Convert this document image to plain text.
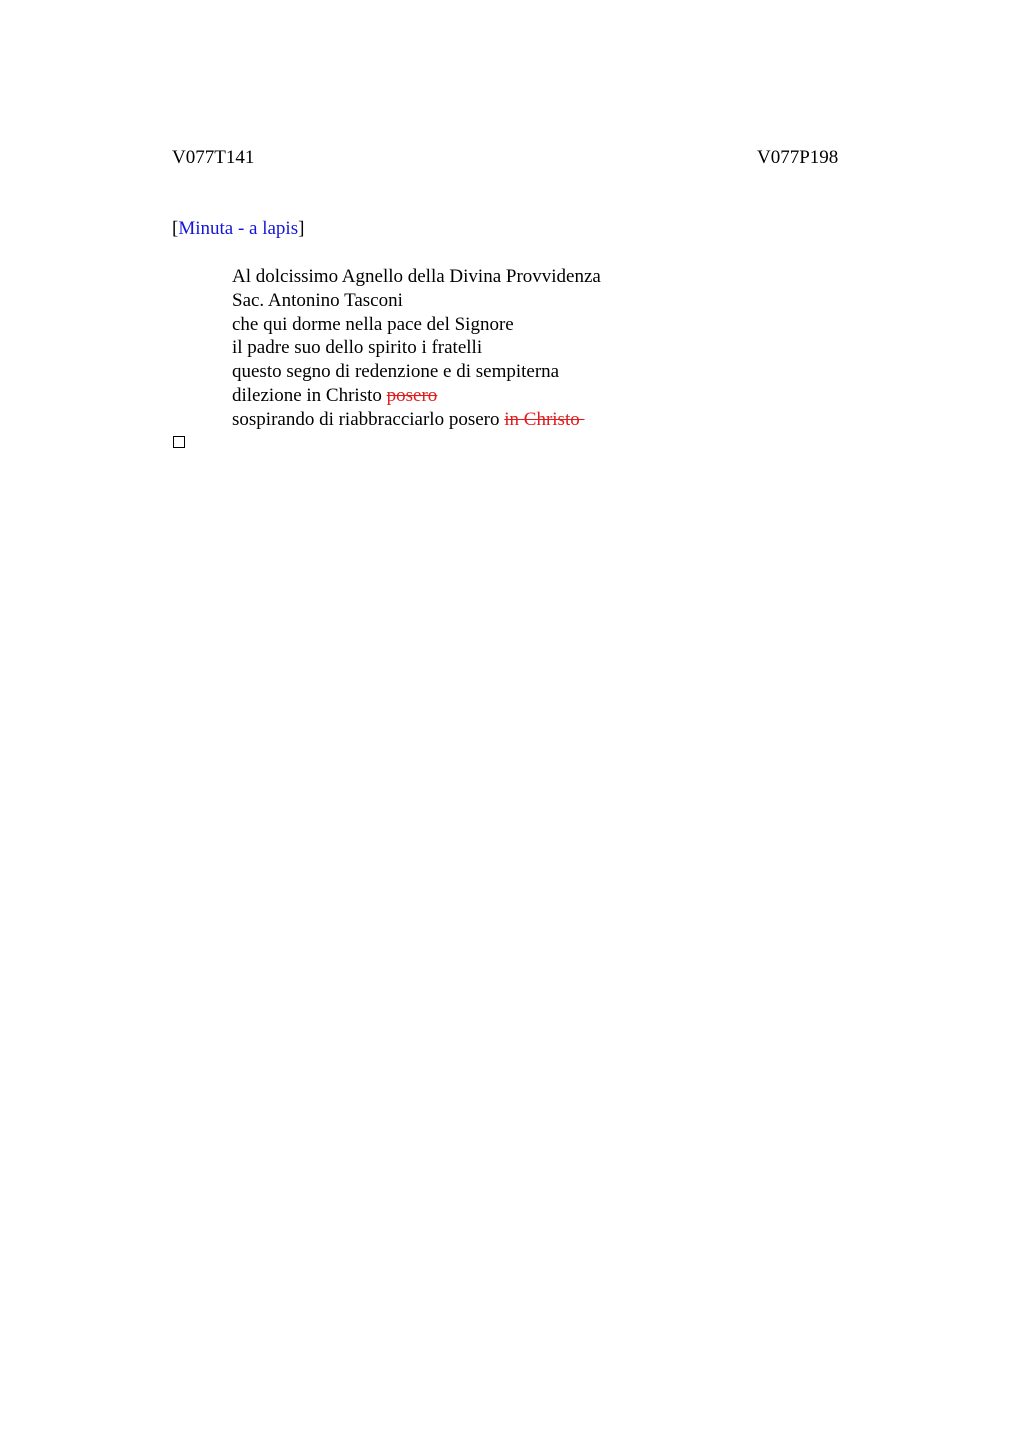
V077T141	V077P198
[Minuta - a lapis]
Al dolcissimo Agnello della Divina Provvidenza
Sac. Antonino Tasconi
che qui dorme nella pace del Signore
il padre suo dello spirito i fratelli
questo segno di redenzione e di sempiterna
dilezione in Christo posero
sospirando di riabbracciarlo posero in Christo
